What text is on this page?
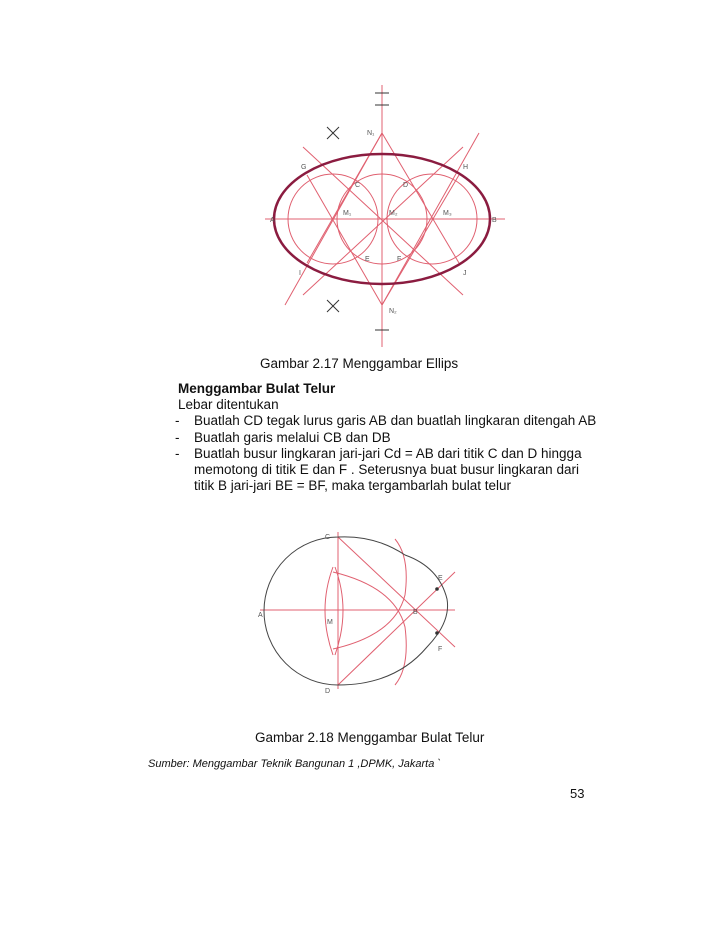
A	B
C	D
G	H
I	J
E	F
M₁	M₂	M₃
N₁
N₂
Gambar 2.17 Menggambar Ellips
Menggambar Bulat Telur
Lebar ditentukan
- Buatlah CD tegak lurus garis AB dan buatlah lingkaran ditengah AB
- Buatlah garis melalui CB dan DB
- Buatlah busur lingkaran jari-jari Cd = AB dari titik C dan D hingga memotong di titik E dan F . Seterusnya buat busur lingkaran dari titik B jari-jari BE = BF, maka tergambarlah bulat telur
A	B
C
D
E
F
M
Gambar 2.18 Menggambar Bulat Telur
Sumber: Menggambar Teknik Bangunan 1 ,DPMK, Jakarta `
53
